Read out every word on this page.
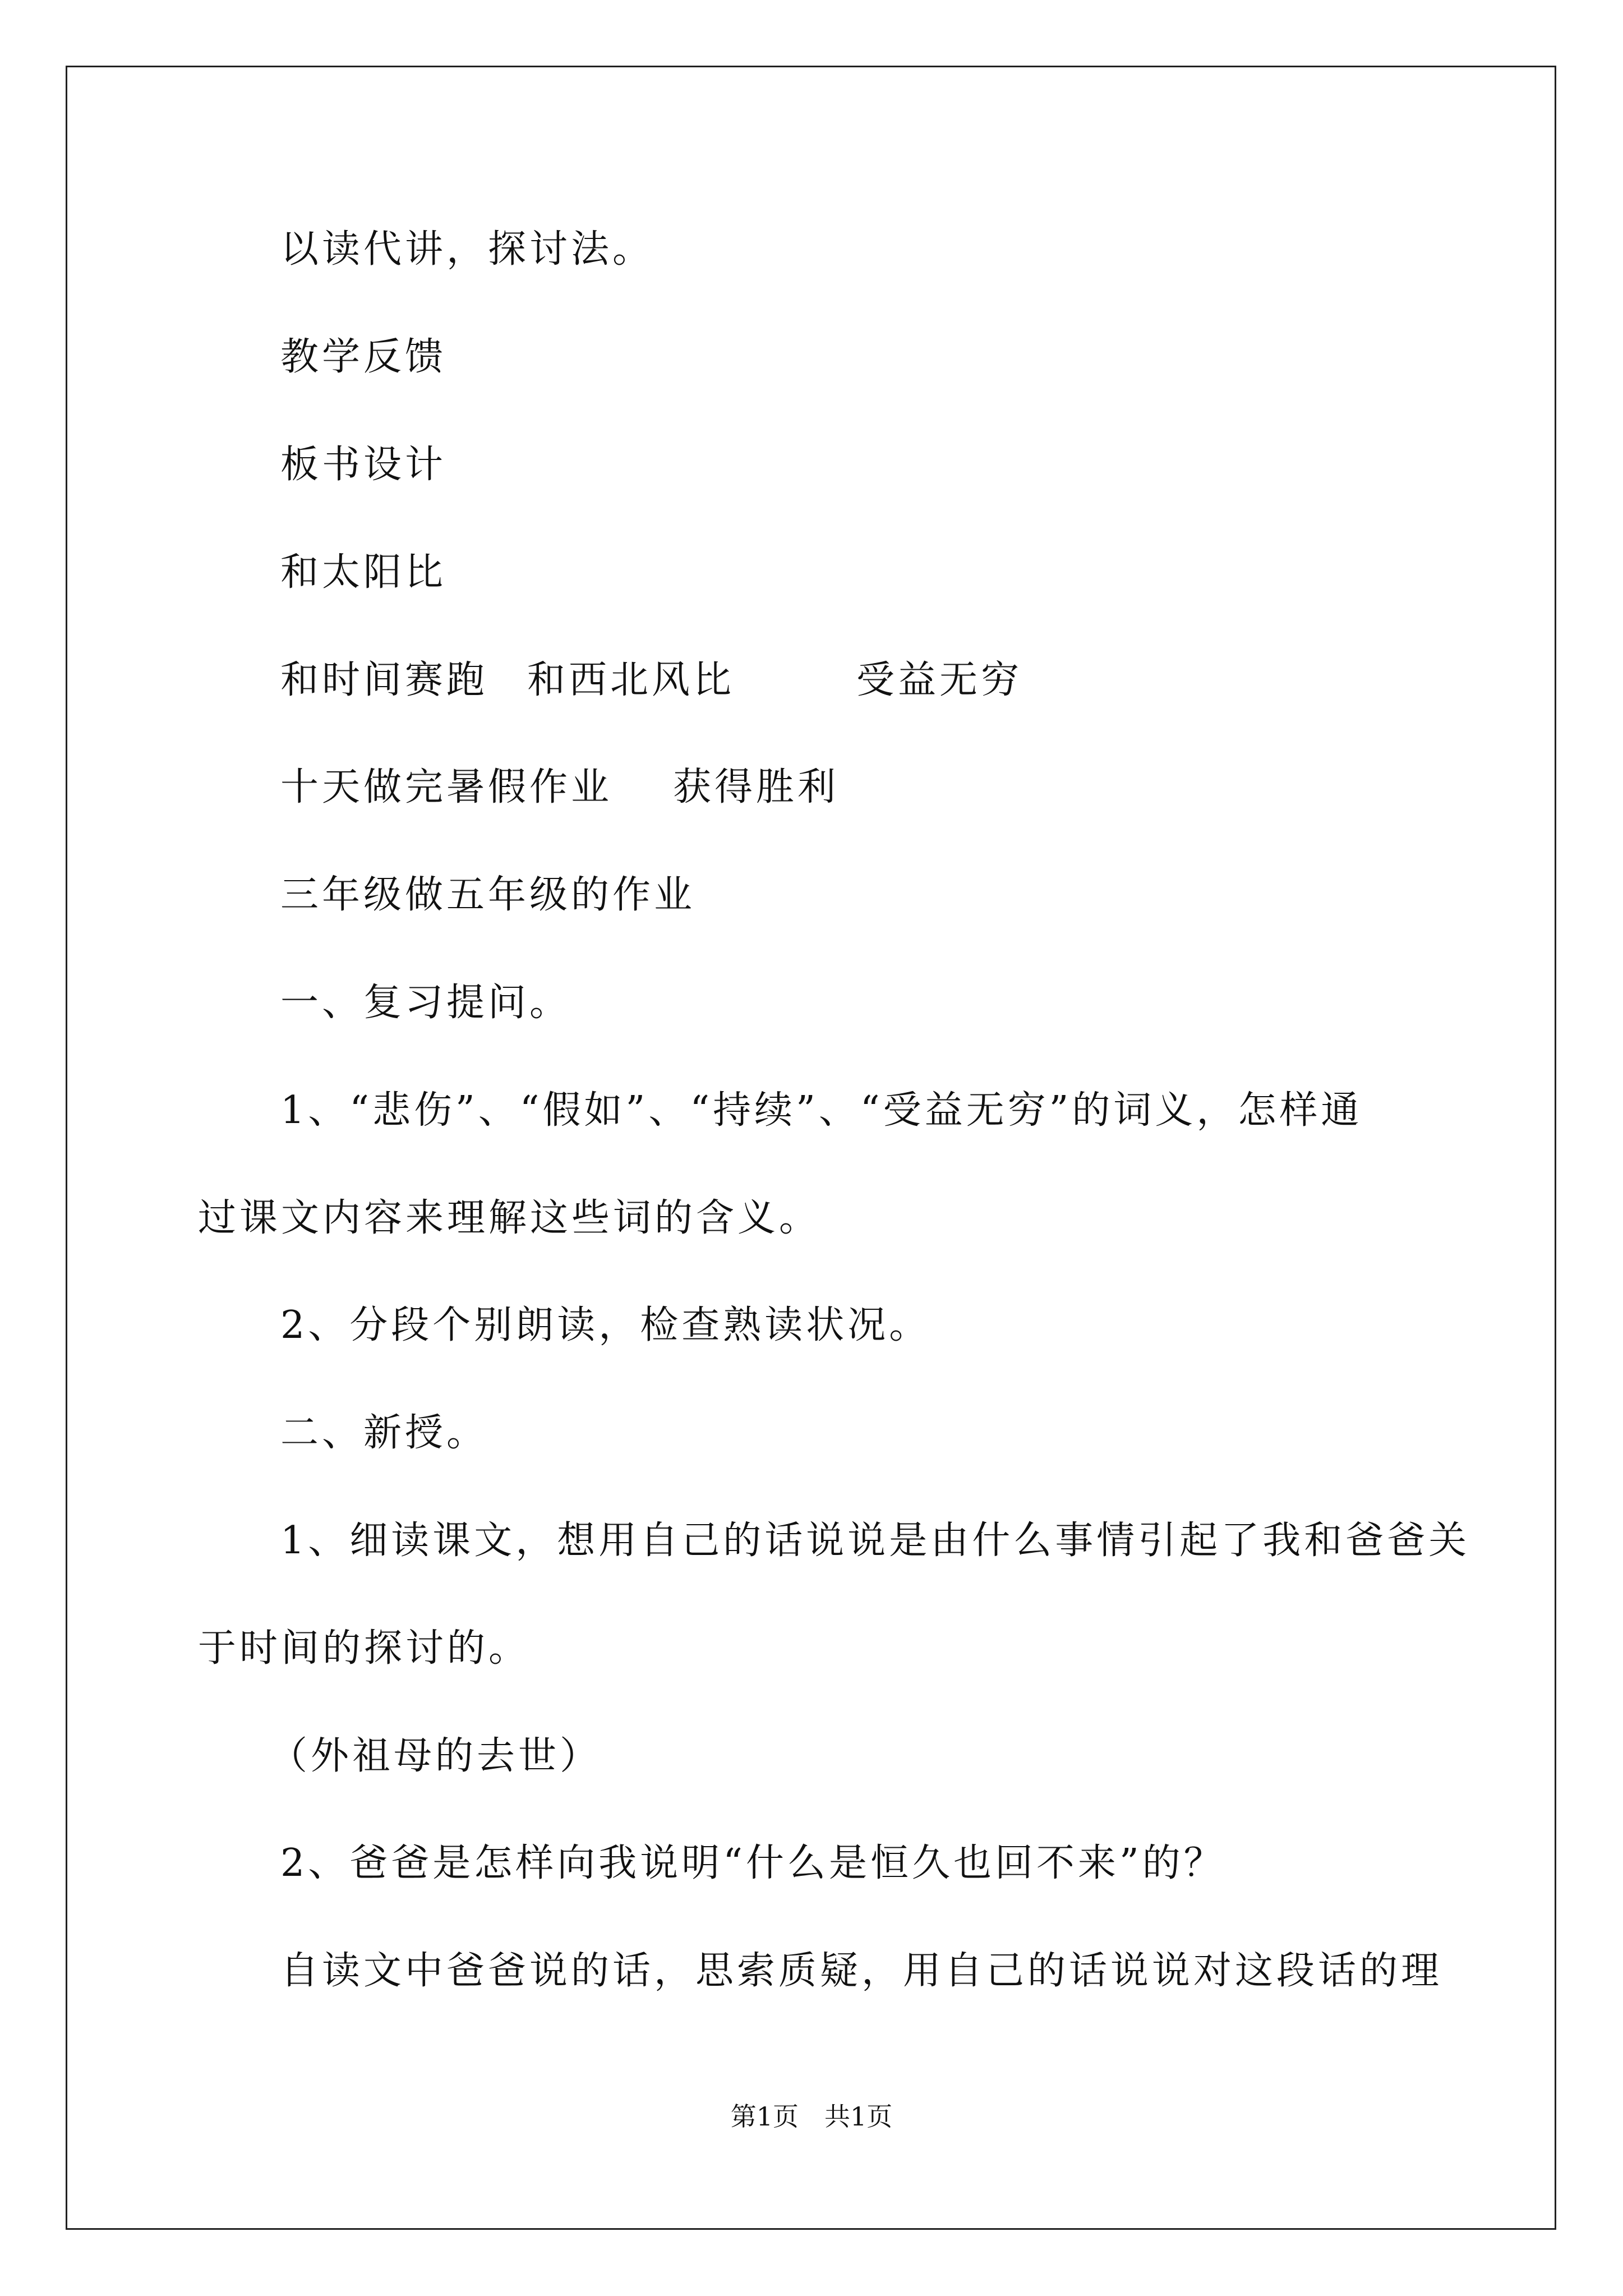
以读代讲，探讨法。
教学反馈
板书设计
和太阳比
和时间赛跑 和西北风比	受益无穷
十天做完暑假作业 获得胜利
三年级做五年级的作业
一、复习提问。
1、“悲伤”、“假如”、“持续”、“受益无穷”的词义，怎样通
过课文内容来理解这些词的含义。
2、分段个别朗读，检查熟读状况。
二、新授。
1、细读课文，想用自己的话说说是由什么事情引起了我和爸爸关
于时间的探讨的。
（外祖母的去世）
2、爸爸是怎样向我说明“什么是恒久也回不来”的？
自读文中爸爸说的话，思索质疑，用自己的话说说对这段话的理
第1页　共1页
